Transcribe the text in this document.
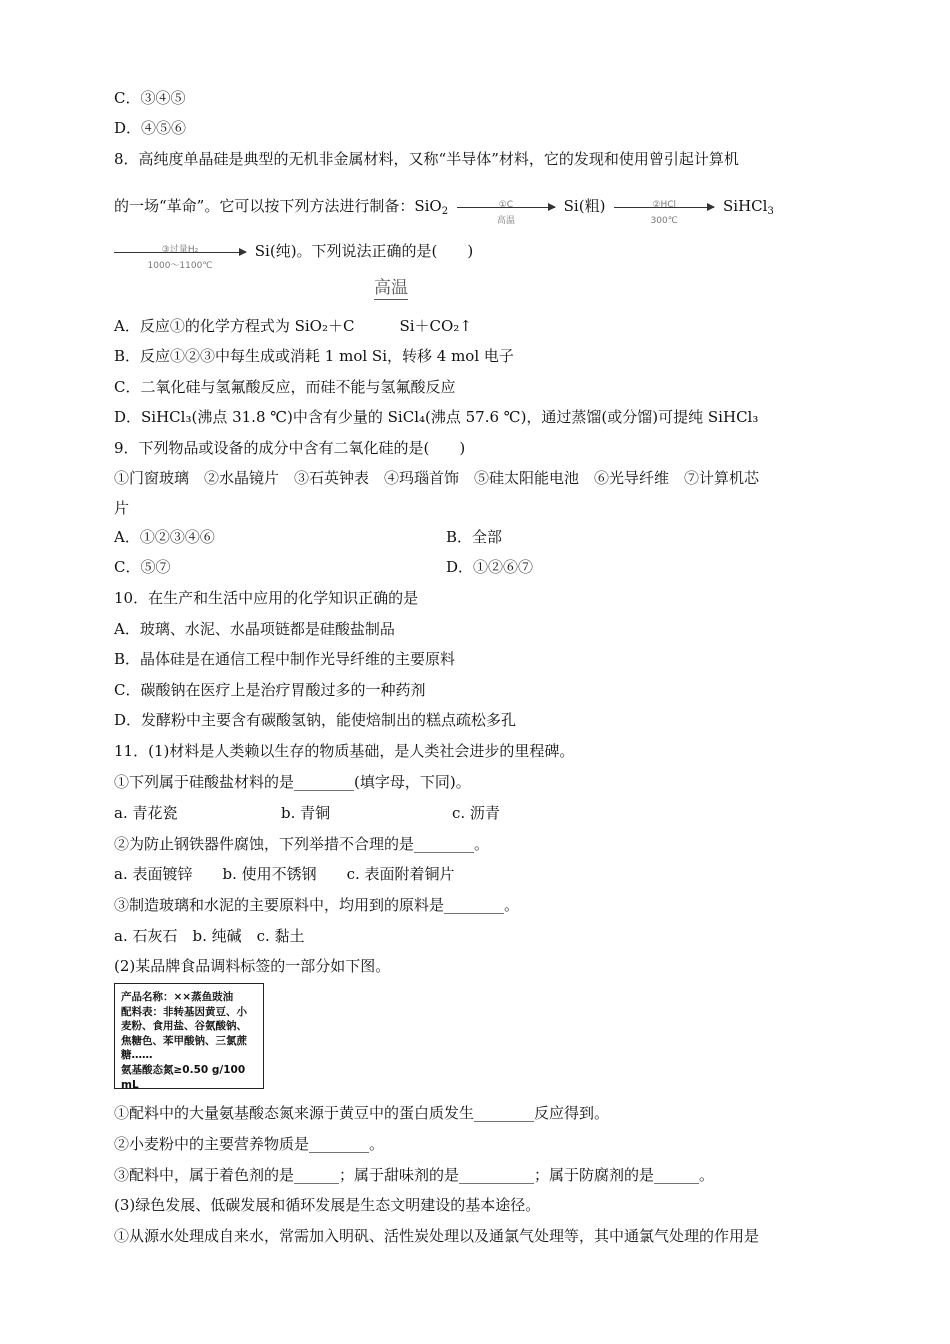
C．③④⑤
D．④⑤⑥
8．高纯度单晶硅是典型的无机非金属材料，又称“半导体”材料，它的发现和使用曾引起计算机
的一场“革命”。它可以按下列方法进行制备：SiO$_2$
①C
高温
Si(粗)	②HCl
300℃
SiHCl$_3$
③过量H₂
1000～1100℃
Si(纯)。下列说法正确的是(　　)
高温
A．反应①的化学方程式为 SiO₂＋C　　　Si＋CO₂↑
B．反应①②③中每生成或消耗 1 mol Si，转移 4 mol 电子
C．二氧化硅与氢氟酸反应，而硅不能与氢氟酸反应
D．SiHCl₃(沸点 31.8 ℃)中含有少量的 SiCl₄(沸点 57.6 ℃)，通过蒸馏(或分馏)可提纯 SiHCl₃
9．下列物品或设备的成分中含有二氧化硅的是(　　)
①门窗玻璃　②水晶镜片　③石英钟表　④玛瑙首饰　⑤硅太阳能电池　⑥光导纤维　⑦计算机芯
片
A．①②③④⑥	B．全部
C．⑤⑦	D．①②⑥⑦
10．在生产和生活中应用的化学知识正确的是
A．玻璃、水泥、水晶项链都是硅酸盐制品
B．晶体硅是在通信工程中制作光导纤维的主要原料
C．碳酸钠在医疗上是治疗胃酸过多的一种药剂
D．发酵粉中主要含有碳酸氢钠，能使焙制出的糕点疏松多孔
11．(1)材料是人类赖以生存的物质基础，是人类社会进步的里程碑。
①下列属于硅酸盐材料的是________(填字母，下同)。
a. 青花瓷	b. 青铜	c. 沥青
②为防止钢铁器件腐蚀，下列举措不合理的是________。
a. 表面镀锌　　b. 使用不锈钢　　c. 表面附着铜片
③制造玻璃和水泥的主要原料中，均用到的原料是________。
a. 石灰石　b. 纯碱　c. 黏土
(2)某品牌食品调料标签的一部分如下图。
产品名称：××蒸鱼豉油
配料表：非转基因黄豆、小
麦粉、食用盐、谷氨酸钠、
焦糖色、苯甲酸钠、三氯蔗
糖……
氨基酸态氮≥0.50 g/100 mL
①配料中的大量氨基酸态氮来源于黄豆中的蛋白质发生________反应得到。
②小麦粉中的主要营养物质是________。
③配料中，属于着色剂的是______；属于甜味剂的是__________；属于防腐剂的是______。
(3)绿色发展、低碳发展和循环发展是生态文明建设的基本途径。
①从源水处理成自来水，常需加入明矾、活性炭处理以及通氯气处理等，其中通氯气处理的作用是
